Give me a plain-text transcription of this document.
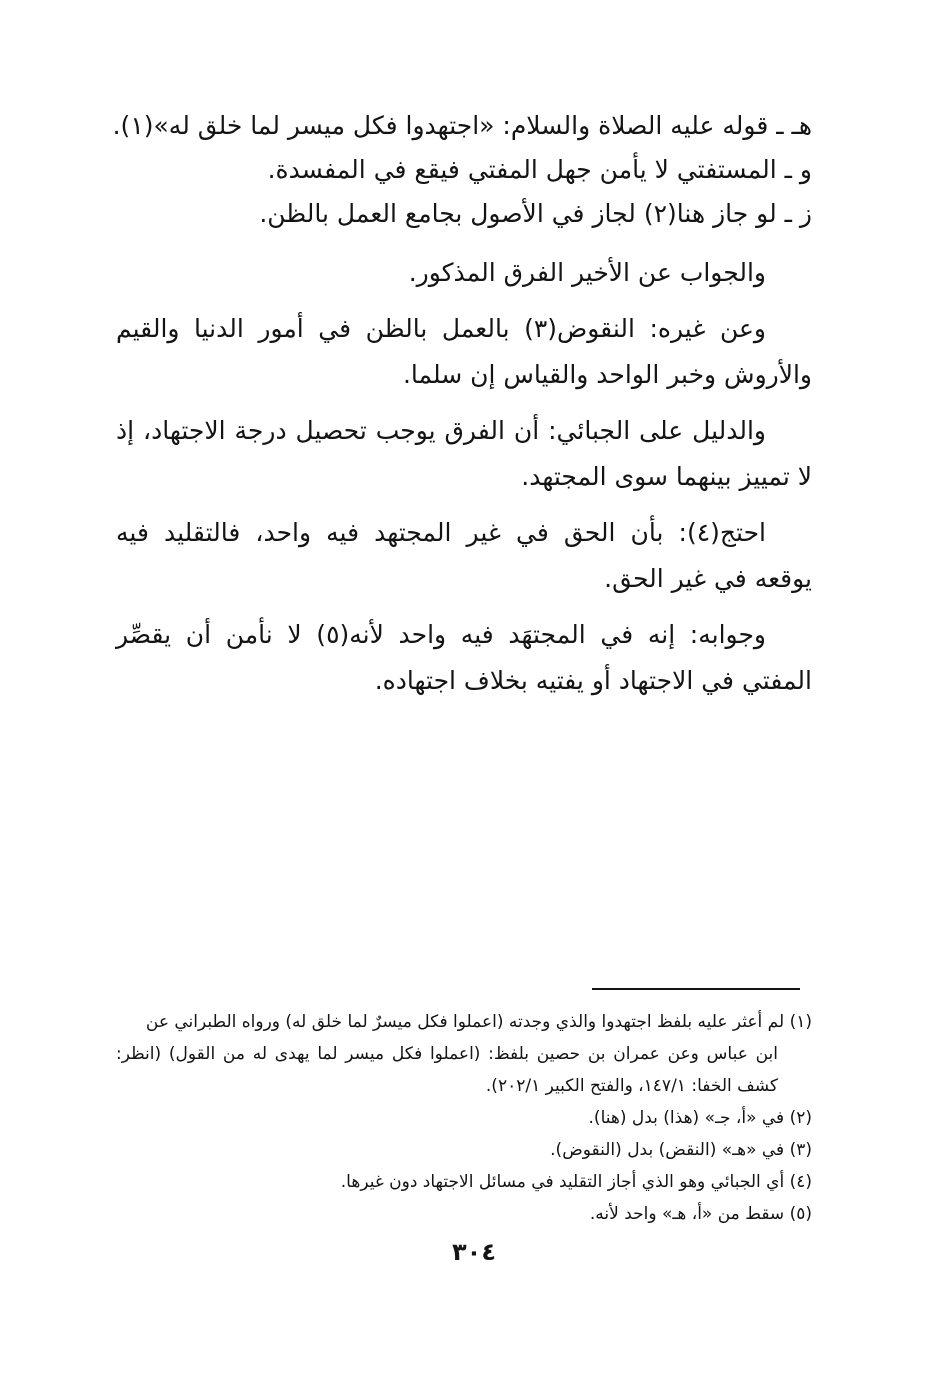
هـ ـ قوله عليه الصلاة والسلام: «اجتهدوا فكل ميسر لما خلق له»(١).
و ـ المستفتي لا يأمن جهل المفتي فيقع في المفسدة.
ز ـ لو جاز هنا(٢) لجاز في الأصول بجامع العمل بالظن.

والجواب عن الأخير الفرق المذكور.

وعن غيره: النقوض(٣) بالعمل بالظن في أمور الدنيا والقيم والأروش وخبر الواحد والقياس إن سلما.

والدليل على الجبائي: أن الفرق يوجب تحصيل درجة الاجتهاد، إذ لا تمييز بينهما سوى المجتهد.

احتج(٤): بأن الحق في غير المجتهد فيه واحد، فالتقليد فيه يوقعه في غير الحق.

وجوابه: إنه في المجتهَد فيه واحد لأنه(٥) لا نأمن أن يقصِّر المفتي في الاجتهاد أو يفتيه بخلاف اجتهاده.

(١) لم أعثر عليه بلفظ اجتهدوا والذي وجدته (اعملوا فكل ميسرٌ لما خلق له) ورواه الطبراني عن
ابن عباس وعن عمران بن حصين بلفظ: (اعملوا فكل ميسر لما يهدى له من القول) (انظر: كشف الخفا: ١٤٧/١، والفتح الكبير ٢٠٢/١).
(٢) في «أ، جـ» (هذا) بدل (هنا).
(٣) في «هـ» (النقض) بدل (النقوض).
(٤) أي الجبائي وهو الذي أجاز التقليد في مسائل الاجتهاد دون غيرها.
(٥) سقط من «أ، هـ» واحد لأنه.
٣٠٤
